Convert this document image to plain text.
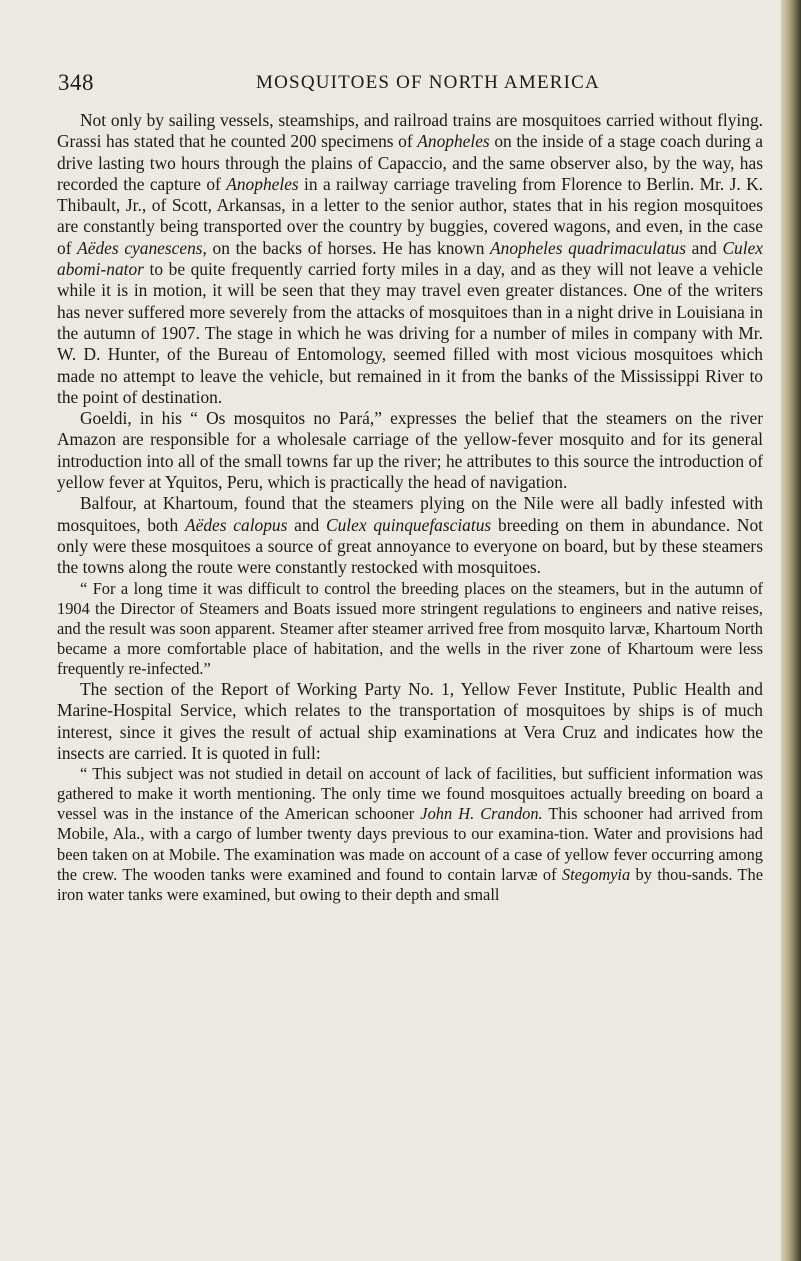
348	MOSQUITOES OF NORTH AMERICA

Not only by sailing vessels, steamships, and railroad trains are mosquitoes carried without flying. Grassi has stated that he counted 200 specimens of Anopheles on the inside of a stage coach during a drive lasting two hours through the plains of Capaccio, and the same observer also, by the way, has recorded the capture of Anopheles in a railway carriage traveling from Florence to Berlin. Mr. J. K. Thibault, Jr., of Scott, Arkansas, in a letter to the senior author, states that in his region mosquitoes are constantly being transported over the country by buggies, covered wagons, and even, in the case of Aëdes cyanescens, on the backs of horses. He has known Anopheles quadrimaculatus and Culex abomi-nator to be quite frequently carried forty miles in a day, and as they will not leave a vehicle while it is in motion, it will be seen that they may travel even greater distances. One of the writers has never suffered more severely from the attacks of mosquitoes than in a night drive in Louisiana in the autumn of 1907. The stage in which he was driving for a number of miles in company with Mr. W. D. Hunter, of the Bureau of Entomology, seemed filled with most vicious mosquitoes which made no attempt to leave the vehicle, but remained in it from the banks of the Mississippi River to the point of destination.

Goeldi, in his “ Os mosquitos no Pará,” expresses the belief that the steamers on the river Amazon are responsible for a wholesale carriage of the yellow-fever mosquito and for its general introduction into all of the small towns far up the river; he attributes to this source the introduction of yellow fever at Yquitos, Peru, which is practically the head of navigation.

Balfour, at Khartoum, found that the steamers plying on the Nile were all badly infested with mosquitoes, both Aëdes calopus and Culex quinquefasciatus breeding on them in abundance. Not only were these mosquitoes a source of great annoyance to everyone on board, but by these steamers the towns along the route were constantly restocked with mosquitoes.

“ For a long time it was difficult to control the breeding places on the steamers, but in the autumn of 1904 the Director of Steamers and Boats issued more stringent regulations to engineers and native reises, and the result was soon apparent. Steamer after steamer arrived free from mosquito larvæ, Khartoum North became a more comfortable place of habitation, and the wells in the river zone of Khartoum were less frequently re-infected.”

The section of the Report of Working Party No. 1, Yellow Fever Institute, Public Health and Marine-Hospital Service, which relates to the transportation of mosquitoes by ships is of much interest, since it gives the result of actual ship examinations at Vera Cruz and indicates how the insects are carried. It is quoted in full:

“ This subject was not studied in detail on account of lack of facilities, but sufficient information was gathered to make it worth mentioning. The only time we found mosquitoes actually breeding on board a vessel was in the instance of the American schooner John H. Crandon. This schooner had arrived from Mobile, Ala., with a cargo of lumber twenty days previous to our examina-tion. Water and provisions had been taken on at Mobile. The examination was made on account of a case of yellow fever occurring among the crew. The wooden tanks were examined and found to contain larvæ of Stegomyia by thou-sands. The iron water tanks were examined, but owing to their depth and small
